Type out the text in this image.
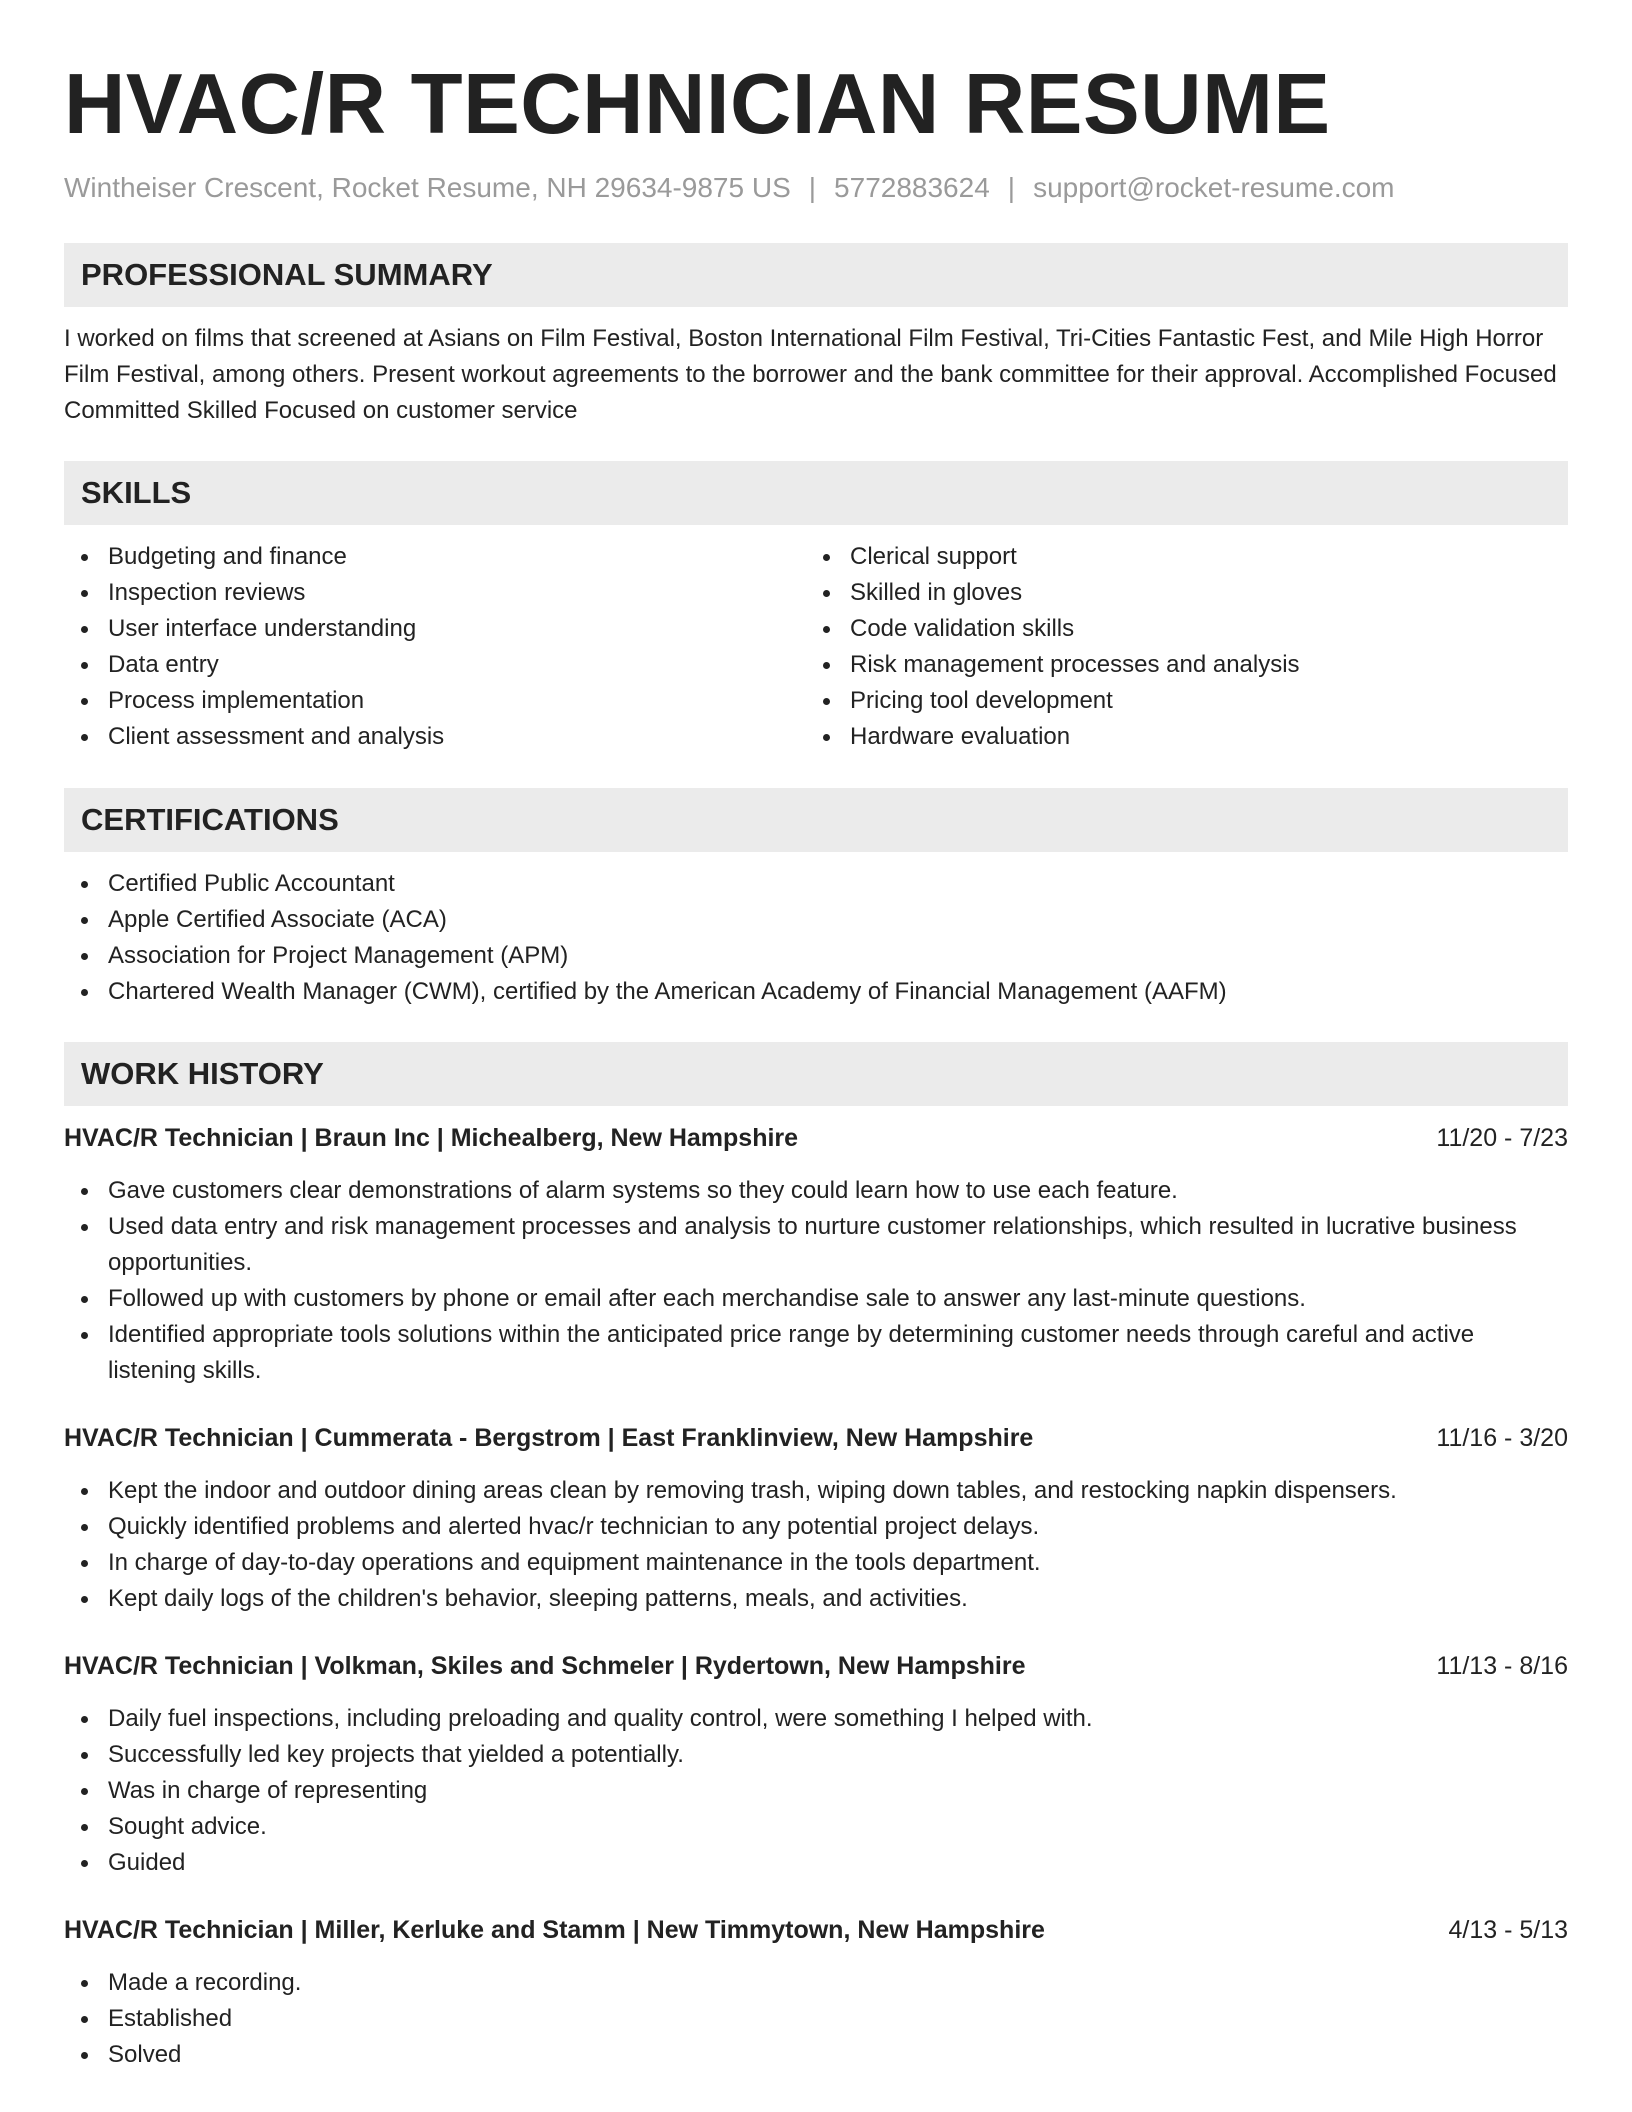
HVAC/R TECHNICIAN RESUME
Wintheiser Crescent, Rocket Resume, NH 29634-9875 US | 5772883624 | support@rocket-resume.com
PROFESSIONAL SUMMARY

I worked on films that screened at Asians on Film Festival, Boston International Film Festival, Tri-Cities Fantastic Fest, and Mile High Horror Film Festival, among others. Present workout agreements to the borrower and the bank committee for their approval. Accomplished Focused Committed Skilled Focused on customer service

SKILLS
Budgeting and finance
Inspection reviews
User interface understanding
Data entry
Process implementation
Client assessment and analysis
Clerical support
Skilled in gloves
Code validation skills
Risk management processes and analysis
Pricing tool development
Hardware evaluation
CERTIFICATIONS
Certified Public Accountant
Apple Certified Associate (ACA)
Association for Project Management (APM)
Chartered Wealth Manager (CWM), certified by the American Academy of Financial Management (AAFM)
WORK HISTORY
HVAC/R Technician | Braun Inc | Michealberg, New Hampshire	11/20 - 7/23
Gave customers clear demonstrations of alarm systems so they could learn how to use each feature.
Used data entry and risk management processes and analysis to nurture customer relationships, which resulted in lucrative business opportunities.
Followed up with customers by phone or email after each merchandise sale to answer any last-minute questions.
Identified appropriate tools solutions within the anticipated price range by determining customer needs through careful and active listening skills.
HVAC/R Technician | Cummerata - Bergstrom | East Franklinview, New Hampshire	11/16 - 3/20
Kept the indoor and outdoor dining areas clean by removing trash, wiping down tables, and restocking napkin dispensers.
Quickly identified problems and alerted hvac/r technician to any potential project delays.
In charge of day-to-day operations and equipment maintenance in the tools department.
Kept daily logs of the children's behavior, sleeping patterns, meals, and activities.
HVAC/R Technician | Volkman, Skiles and Schmeler | Rydertown, New Hampshire	11/13 - 8/16
Daily fuel inspections, including preloading and quality control, were something I helped with.
Successfully led key projects that yielded a potentially.
Was in charge of representing
Sought advice.
Guided
HVAC/R Technician | Miller, Kerluke and Stamm | New Timmytown, New Hampshire	4/13 - 5/13
Made a recording.
Established
Solved
